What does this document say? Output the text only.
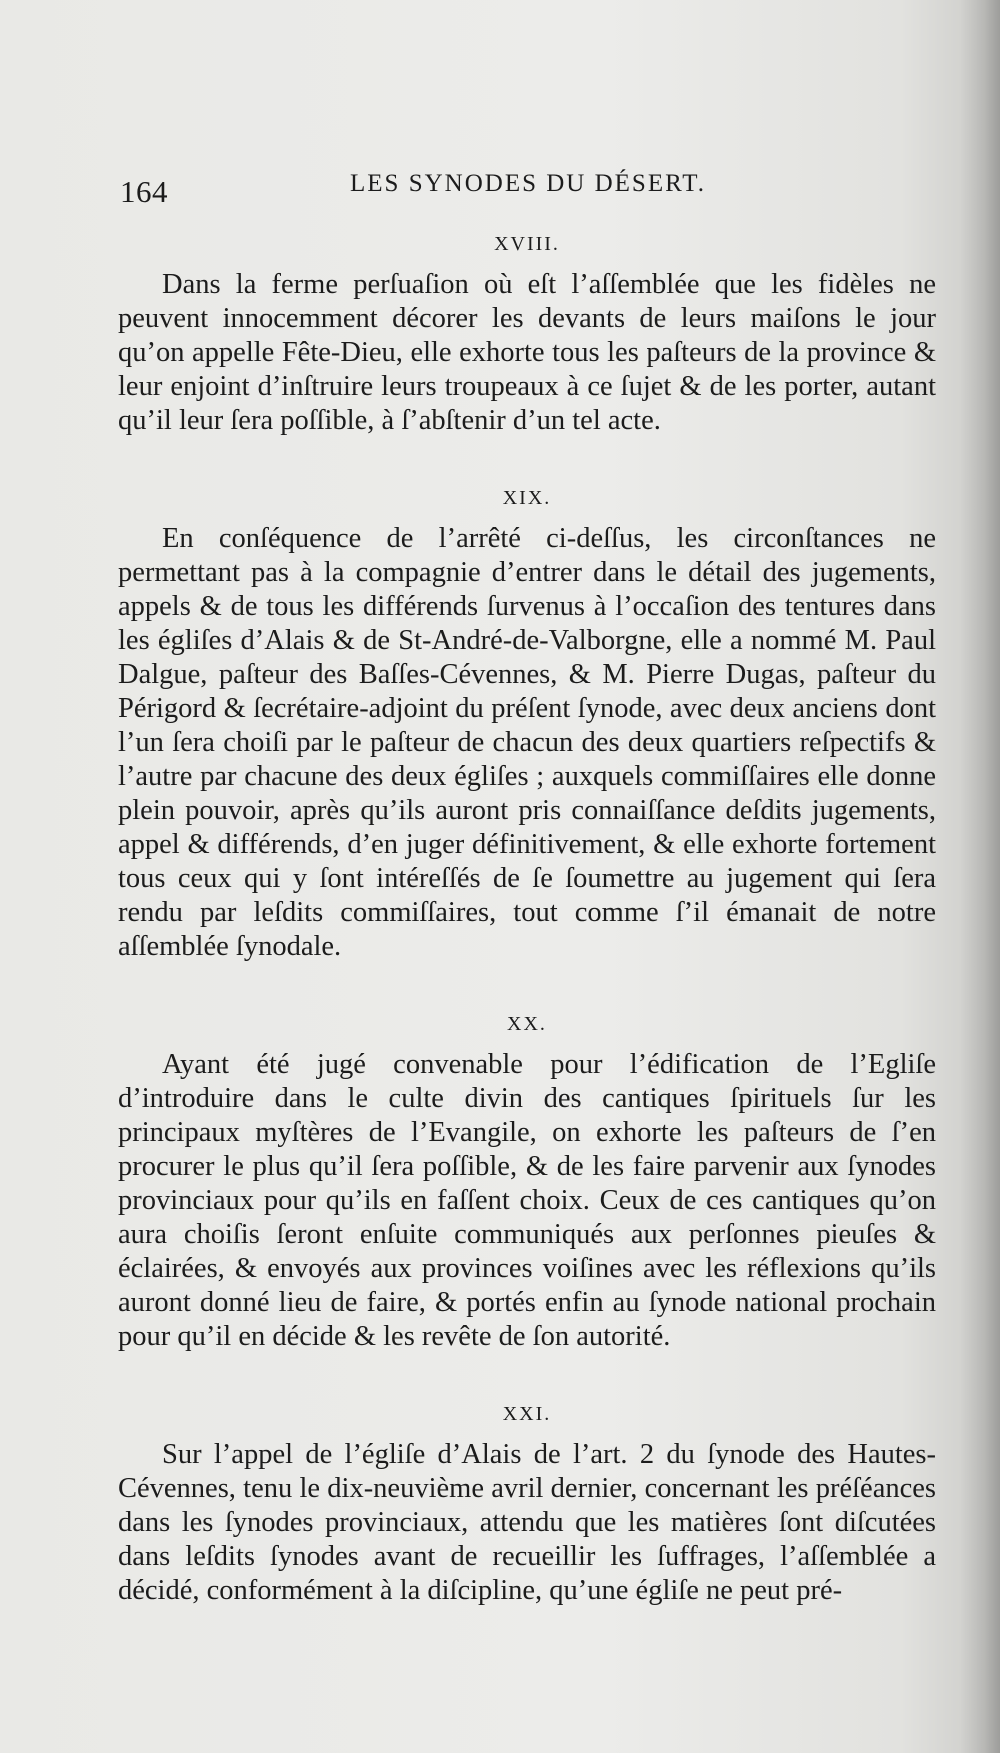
164	LES SYNODES DU DÉSERT.
XVIII.

Dans la ferme perſuaſion où eſt l’aſſemblée que les fidèles ne peuvent innocemment décorer les devants de leurs maiſons le jour qu’on appelle Fête-Dieu, elle exhorte tous les paſteurs de la province & leur enjoint d’inſtruire leurs troupeaux à ce ſujet & de les porter, autant qu’il leur ſera poſſible, à ſ’abſtenir d’un tel acte.

XIX.

En conſéquence de l’arrêté ci-deſſus, les circonſtances ne permettant pas à la compagnie d’entrer dans le détail des jugements, appels & de tous les différends ſurvenus à l’occaſion des tentures dans les égliſes d’Alais & de St-André-de-Valborgne, elle a nommé M. Paul Dalgue, paſteur des Baſſes-Cévennes, & M. Pierre Dugas, paſteur du Périgord & ſecrétaire-adjoint du préſent ſynode, avec deux anciens dont l’un ſera choiſi par le paſteur de chacun des deux quartiers reſpectifs & l’autre par chacune des deux égliſes ; auxquels commiſſaires elle donne plein pouvoir, après qu’ils auront pris connaiſſance deſdits jugements, appel & différends, d’en juger définitivement, & elle exhorte fortement tous ceux qui y ſont intéreſſés de ſe ſoumettre au jugement qui ſera rendu par leſdits commiſſaires, tout comme ſ’il émanait de notre aſſemblée ſynodale.

XX.

Ayant été jugé convenable pour l’édification de l’Egliſe d’introduire dans le culte divin des cantiques ſpirituels ſur les principaux myſtères de l’Evangile, on exhorte les paſteurs de ſ’en procurer le plus qu’il ſera poſſible, & de les faire parvenir aux ſynodes provinciaux pour qu’ils en faſſent choix. Ceux de ces cantiques qu’on aura choiſis ſeront enſuite communiqués aux perſonnes pieuſes & éclairées, & envoyés aux provinces voiſines avec les réflexions qu’ils auront donné lieu de faire, & portés enfin au ſynode national prochain pour qu’il en décide & les revête de ſon autorité.

XXI.

Sur l’appel de l’égliſe d’Alais de l’art. 2 du ſynode des Hautes-Cévennes, tenu le dix-neuvième avril dernier, concernant les préſéances dans les ſynodes provinciaux, attendu que les matières ſont diſcutées dans leſdits ſynodes avant de recueillir les ſuffrages, l’aſſemblée a décidé, conformément à la diſcipline, qu’une égliſe ne peut pré-
